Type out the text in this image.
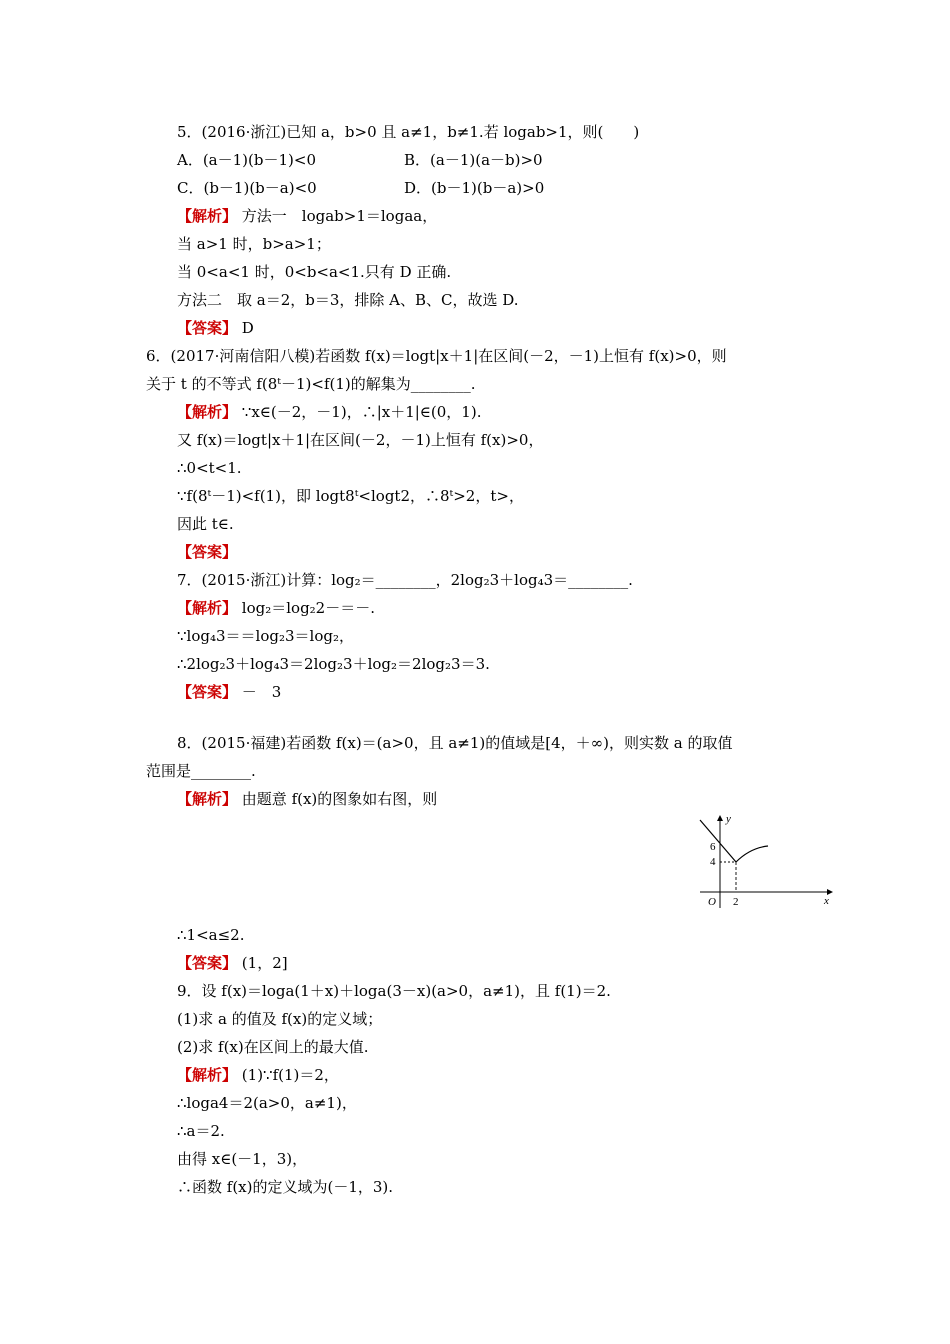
5．(2016·浙江)已知 a，b>0 且 a≠1，b≠1.若 logab>1，则(　　)
A．(a－1)(b－1)<0	B．(a－1)(a－b)>0
C．(b－1)(b－a)<0	D．(b－1)(b－a)>0
【解析】 方法一　logab>1＝logaa，
当 a>1 时，b>a>1；
当 0<a<1 时，0<b<a<1.只有 D 正确.
方法二　取 a＝2，b＝3，排除 A、B、C，故选 D.
【答案】 D
6．(2017·河南信阳八模)若函数 f(x)＝logt|x＋1|在区间(－2，－1)上恒有 f(x)>0，则
关于 t 的不等式 f(8ᵗ－1)<f(1)的解集为________.
【解析】 ∵x∈(－2，－1)，∴|x＋1|∈(0，1).
又 f(x)＝logt|x＋1|在区间(－2，－1)上恒有 f(x)>0，
∴0<t<1.
∵f(8ᵗ－1)<f(1)，即 logt8ᵗ<logt2，∴8ᵗ>2，t>，
因此 t∈.
【答案】
7．(2015·浙江)计算：log₂＝________，2log₂3＋log₄3＝________.
【解析】 log₂＝log₂2－＝－.
∵log₄3＝＝log₂3＝log₂，
∴2log₂3＋log₄3＝2log₂3＋log₂＝2log₂3＝3.
【答案】 －　3
8．(2015·福建)若函数 f(x)＝(a>0，且 a≠1)的值域是[4，＋∞)，则实数 a 的取值
范围是________.
【解析】 由题意 f(x)的图象如右图，则
y
x
O
6
4
2
∴1<a≤2.
【答案】 (1，2]
9．设 f(x)＝loga(1＋x)＋loga(3－x)(a>0，a≠1)，且 f(1)＝2.
(1)求 a 的值及 f(x)的定义域；
(2)求 f(x)在区间上的最大值.
【解析】 (1)∵f(1)＝2，
∴loga4＝2(a>0，a≠1)，
∴a＝2.
由得 x∈(－1，3)，
∴函数 f(x)的定义域为(－1，3).
